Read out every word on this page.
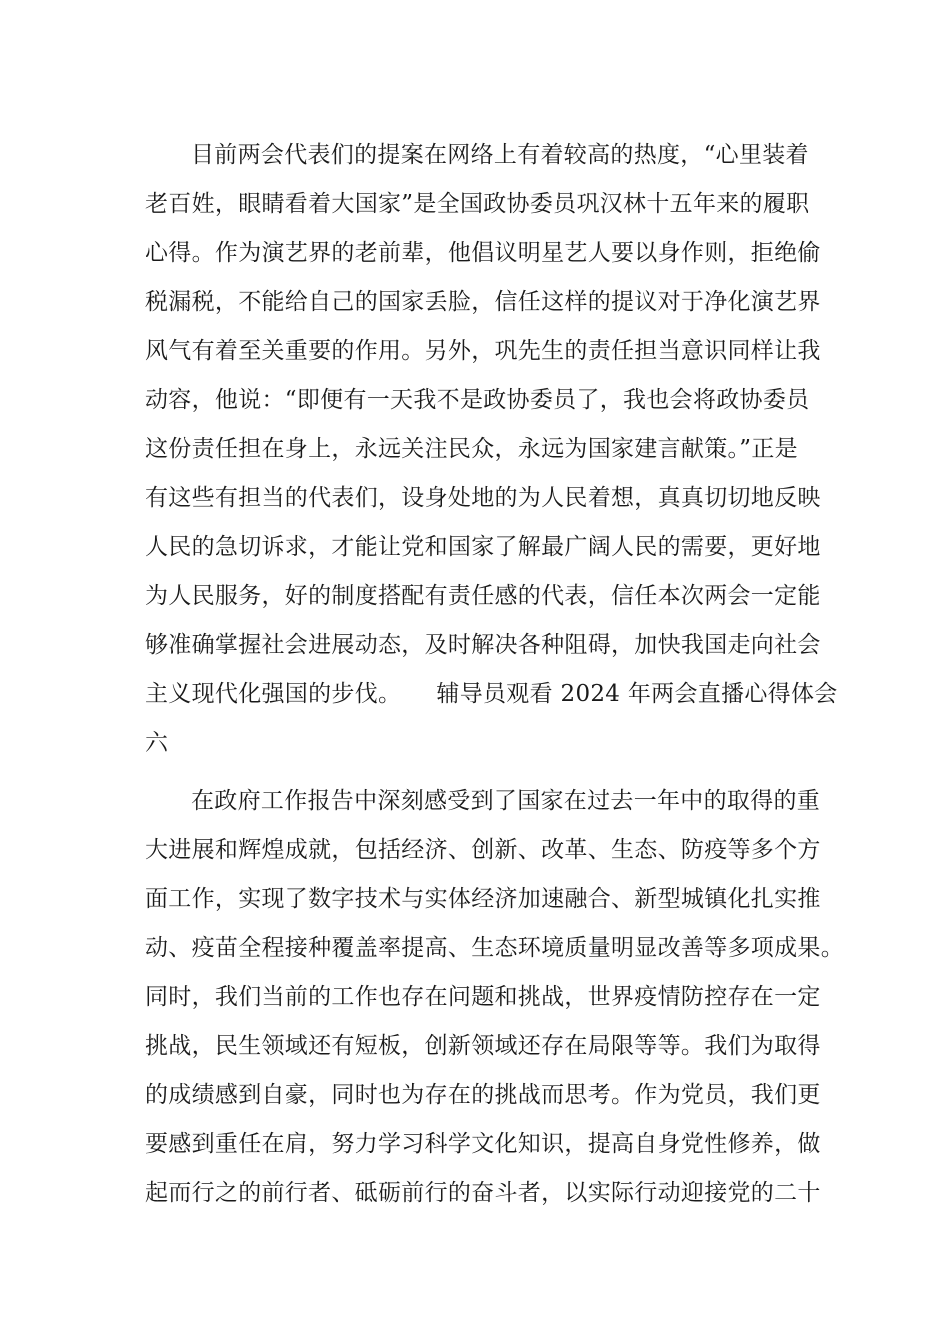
目前两会代表们的提案在网络上有着较高的热度，“心里装着
老百姓，眼睛看着大国家”是全国政协委员巩汉林十五年来的履职
心得。作为演艺界的老前辈，他倡议明星艺人要以身作则，拒绝偷
税漏税，不能给自己的国家丢脸，信任这样的提议对于净化演艺界
风气有着至关重要的作用。另外，巩先生的责任担当意识同样让我
动容，他说：“即便有一天我不是政协委员了，我也会将政协委员
这份责任担在身上，永远关注民众，永远为国家建言献策。”正是
有这些有担当的代表们，设身处地的为人民着想，真真切切地反映
人民的急切诉求，才能让党和国家了解最广阔人民的需要，更好地
为人民服务，好的制度搭配有责任感的代表，信任本次两会一定能
够准确掌握社会进展动态，及时解决各种阻碍，加快我国走向社会
主义现代化强国的步伐。　　辅导员观看 2024 年两会直播心得体会
六
在政府工作报告中深刻感受到了国家在过去一年中的取得的重
大进展和辉煌成就，包括经济、创新、改革、生态、防疫等多个方
面工作，实现了数字技术与实体经济加速融合、新型城镇化扎实推
动、疫苗全程接种覆盖率提高、生态环境质量明显改善等多项成果。
同时，我们当前的工作也存在问题和挑战，世界疫情防控存在一定
挑战，民生领域还有短板，创新领域还存在局限等等。我们为取得
的成绩感到自豪，同时也为存在的挑战而思考。作为党员，我们更
要感到重任在肩，努力学习科学文化知识，提高自身党性修养，做
起而行之的前行者、砥砺前行的奋斗者，以实际行动迎接党的二十
